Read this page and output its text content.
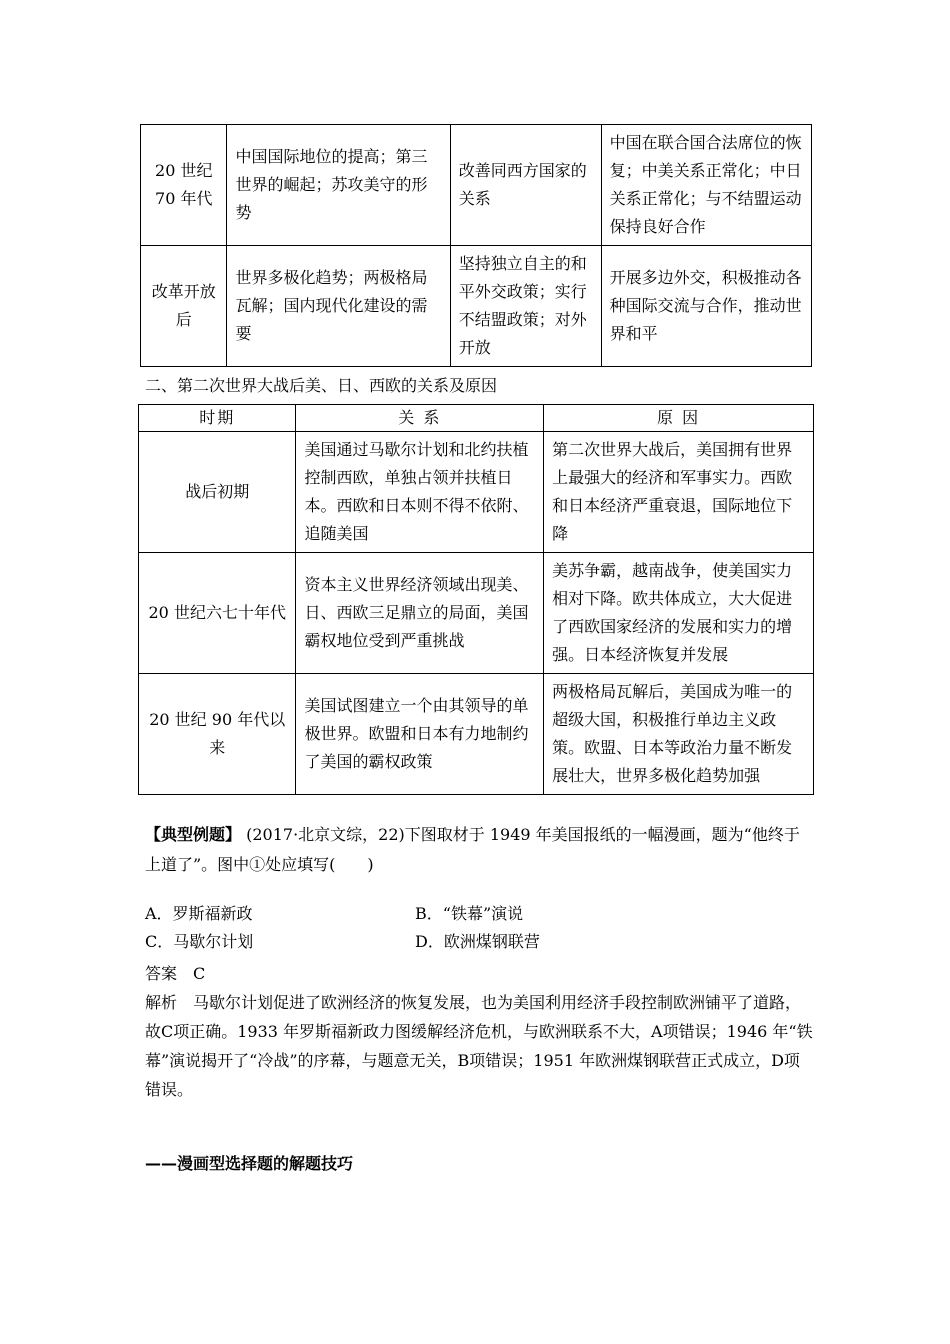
20 世纪 70 年代	中国国际地位的提高；第三世界的崛起；苏攻美守的形势	改善同西方国家的关系	中国在联合国合法席位的恢复；中美关系正常化；中日关系正常化；与不结盟运动保持良好合作
改革开放后	世界多极化趋势；两极格局瓦解；国内现代化建设的需要	坚持独立自主的和平外交政策；实行不结盟政策；对外开放	开展多边外交，积极推动各种国际交流与合作，推动世界和平
二、第二次世界大战后美、日、西欧的关系及原因
时期	关 系	原 因
战后初期	美国通过马歇尔计划和北约扶植控制西欧，单独占领并扶植日本。西欧和日本则不得不依附、追随美国	第二次世界大战后，美国拥有世界上最强大的经济和军事实力。西欧和日本经济严重衰退，国际地位下降
20 世纪六七十年代	资本主义世界经济领域出现美、日、西欧三足鼎立的局面，美国霸权地位受到严重挑战	美苏争霸，越南战争，使美国实力相对下降。欧共体成立，大大促进了西欧国家经济的发展和实力的增强。日本经济恢复并发展
20 世纪 90 年代以来	美国试图建立一个由其领导的单极世界。欧盟和日本有力地制约了美国的霸权政策	两极格局瓦解后，美国成为唯一的超级大国，积极推行单边主义政策。欧盟、日本等政治力量不断发展壮大，世界多极化趋势加强
【典型例题】 (2017·北京文综，22)下图取材于 1949 年美国报纸的一幅漫画，题为“他终于上道了”。图中①处应填写(　　)
A．罗斯福新政	B．“铁幕”演说
C．马歇尔计划	D．欧洲煤钢联营
答案　C
解析　马歇尔计划促进了欧洲经济的恢复发展，也为美国利用经济手段控制欧洲铺平了道路，故C项正确。1933 年罗斯福新政力图缓解经济危机，与欧洲联系不大，A项错误；1946 年“铁幕”演说揭开了“冷战”的序幕，与题意无关，B项错误；1951 年欧洲煤钢联营正式成立，D项错误。
——漫画型选择题的解题技巧
